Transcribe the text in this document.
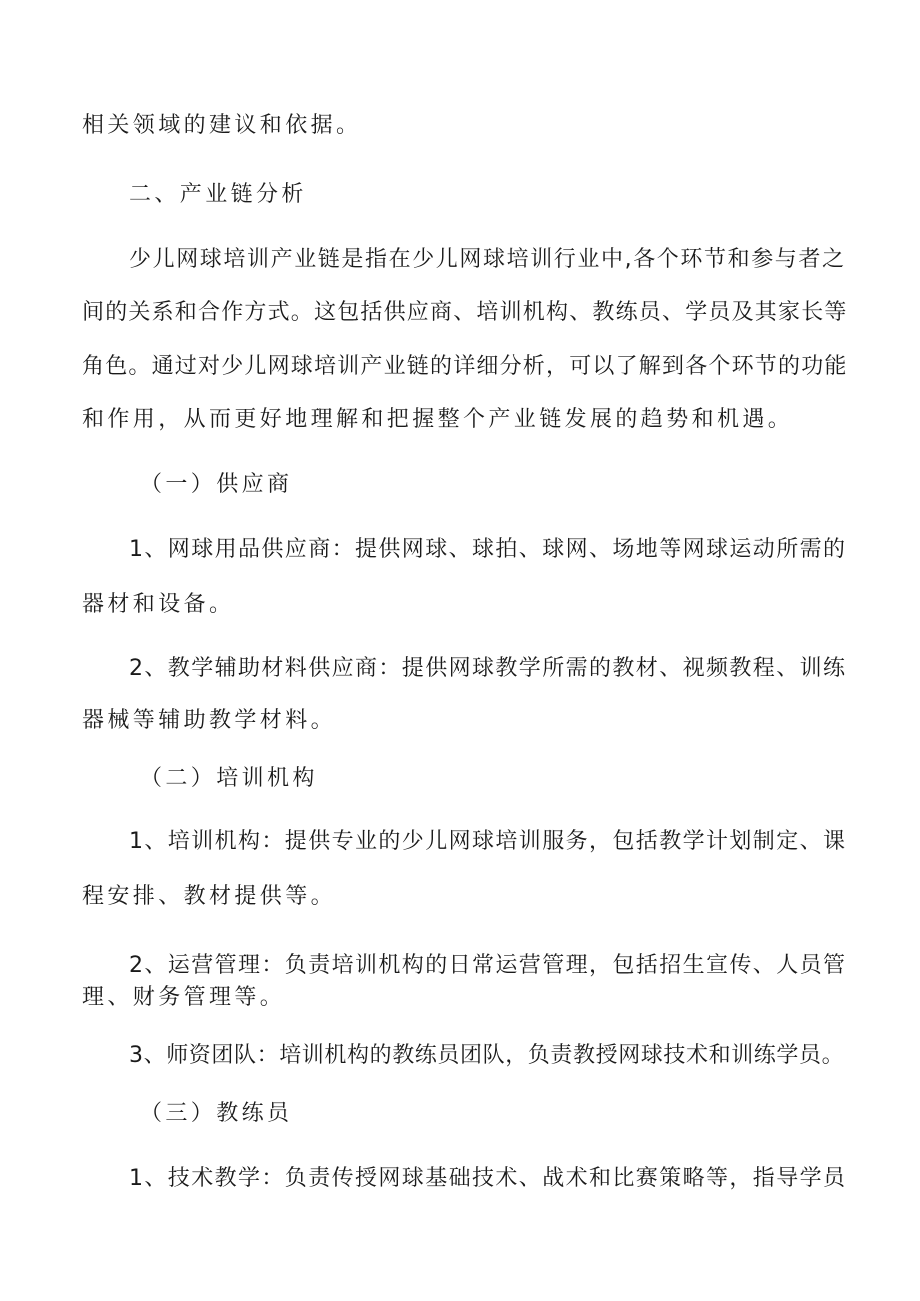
相关领域的建议和依据。
二、产业链分析
少儿网球培训产业链是指在少儿网球培训行业中,各个环节和参与者之
间的关系和合作方式。这包括供应商、培训机构、教练员、学员及其家长等
角色。通过对少儿网球培训产业链的详细分析，可以了解到各个环节的功能
和作用，从而更好地理解和把握整个产业链发展的趋势和机遇。
（一）供应商
1、网球用品供应商：提供网球、球拍、球网、场地等网球运动所需的
器材和设备。
2、教学辅助材料供应商：提供网球教学所需的教材、视频教程、训练
器械等辅助教学材料。
（二）培训机构
1、培训机构：提供专业的少儿网球培训服务，包括教学计划制定、课
程安排、教材提供等。
2、运营管理：负责培训机构的日常运营管理，包括招生宣传、人员管
理、财务管理等。
3、师资团队：培训机构的教练员团队，负责教授网球技术和训练学员。
（三）教练员
1、技术教学：负责传授网球基础技术、战术和比赛策略等，指导学员
